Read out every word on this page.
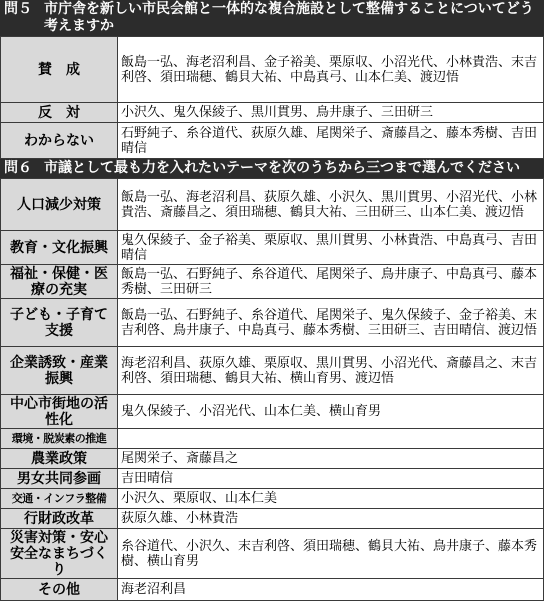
問５ 市庁舎を新しい市民会館と一体的な複合施設として整備することについてどう考えますか
賛　成	飯島一弘、海老沼利昌、金子裕美、栗原収、小沼光代、小林貴浩、末吉利啓、須田瑞穂、鶴貝大祐、中島真弓、山本仁美、渡辺悟
反　対	小沢久、鬼久保綾子、黒川貫男、鳥井康子、三田研三
わからない	石野純子、糸谷道代、荻原久雄、尾関栄子、斎藤昌之、藤本秀樹、吉田晴信
問６ 市議として最も力を入れたいテーマを次のうちから三つまで選んでください
人口減少対策	飯島一弘、海老沼利昌、荻原久雄、小沢久、黒川貫男、小沼光代、小林貴浩、斎藤昌之、須田瑞穂、鶴貝大祐、三田研三、山本仁美、渡辺悟
教育・文化振興	鬼久保綾子、金子裕美、栗原収、黒川貫男、小林貴浩、中島真弓、吉田晴信
福祉・保健・医療の充実	飯島一弘、石野純子、糸谷道代、尾関栄子、鳥井康子、中島真弓、藤本秀樹、三田研三
子ども・子育て支援	飯島一弘、石野純子、糸谷道代、尾関栄子、鬼久保綾子、金子裕美、末吉利啓、鳥井康子、中島真弓、藤本秀樹、三田研三、吉田晴信、渡辺悟
企業誘致・産業振興	海老沼利昌、荻原久雄、栗原収、黒川貫男、小沼光代、斎藤昌之、末吉利啓、須田瑞穂、鶴貝大祐、横山育男、渡辺悟
中心市街地の活性化	鬼久保綾子、小沼光代、山本仁美、横山育男
環境・脱炭素の推進	
農業政策	尾関栄子、斎藤昌之
男女共同参画	吉田晴信
交通・インフラ整備	小沢久、栗原収、山本仁美
行財政改革	荻原久雄、小林貴浩
災害対策・安心安全なまちづくり	糸谷道代、小沢久、末吉利啓、須田瑞穂、鶴貝大祐、鳥井康子、藤本秀樹、横山育男
その他	海老沼利昌
